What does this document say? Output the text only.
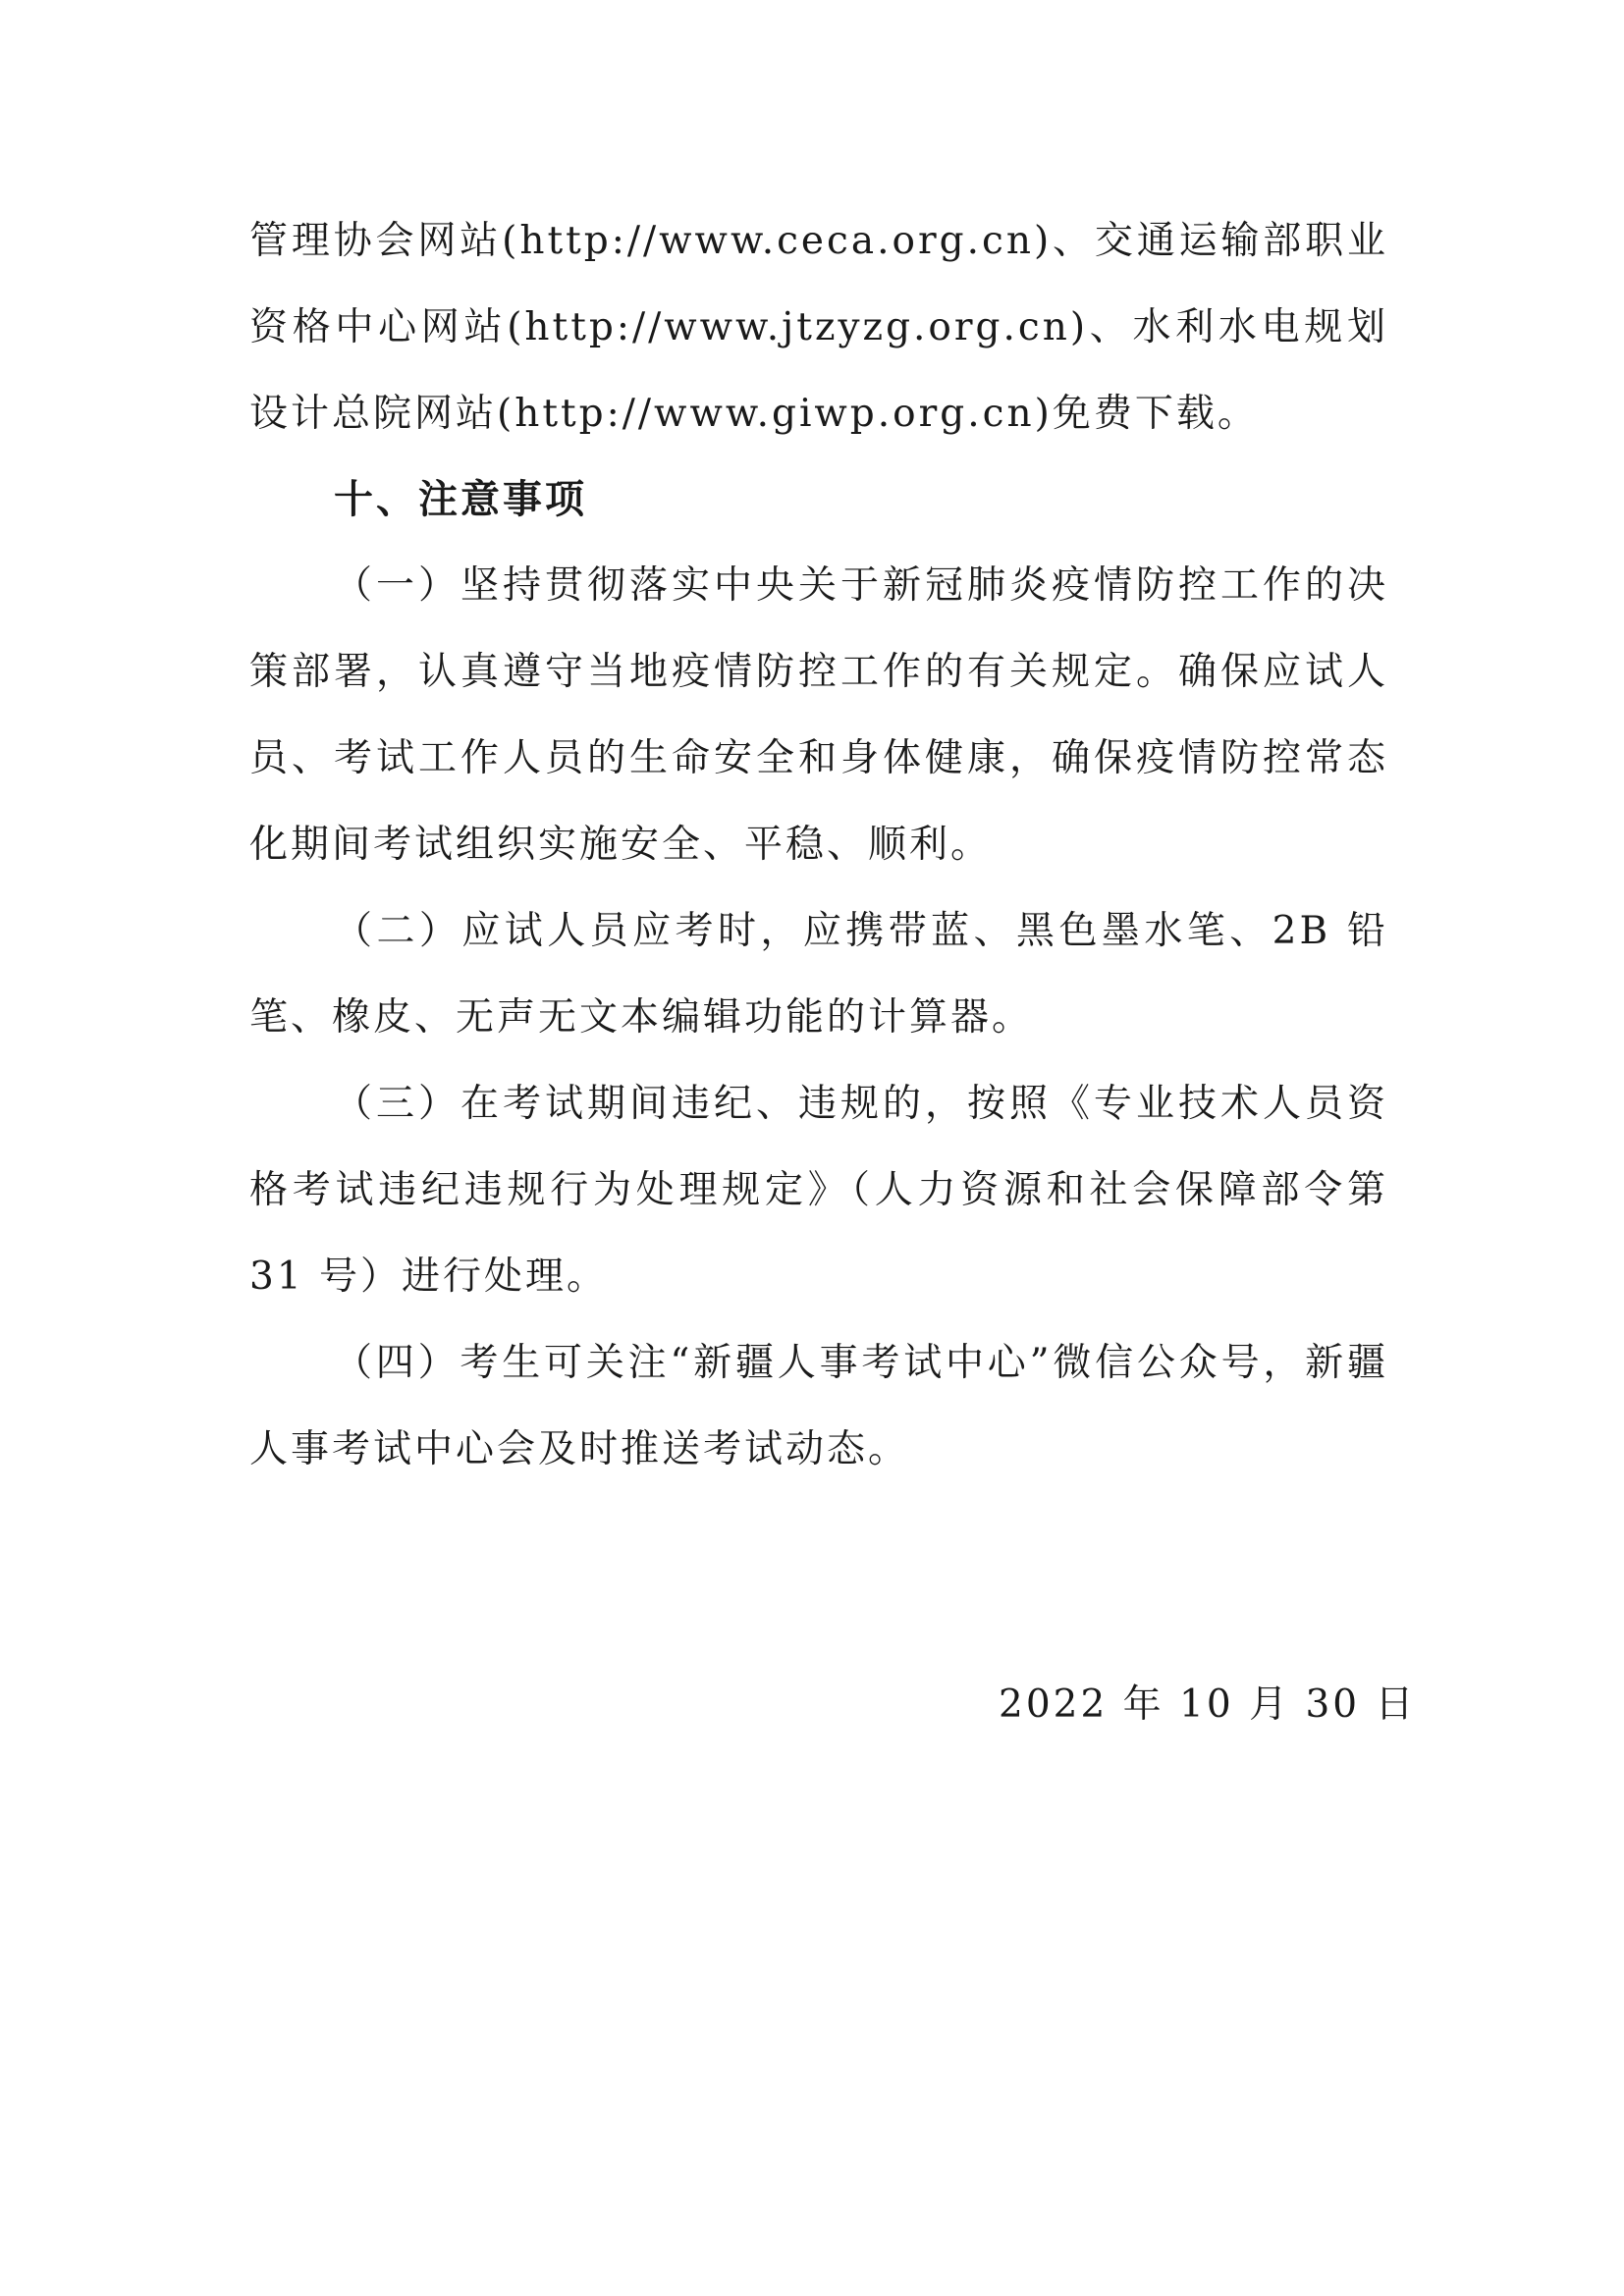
管理协会网站(http://www.ceca.org.cn)、交通运输部职业资格中心网站(http://www.jtzyzg.org.cn)、水利水电规划设计总院网站(http://www.giwp.org.cn)免费下载。

十、注意事项

（一）坚持贯彻落实中央关于新冠肺炎疫情防控工作的决策部署，认真遵守当地疫情防控工作的有关规定。确保应试人员、考试工作人员的生命安全和身体健康，确保疫情防控常态化期间考试组织实施安全、平稳、顺利。

（二）应试人员应考时，应携带蓝、黑色墨水笔、2B 铅笔、橡皮、无声无文本编辑功能的计算器。

（三）在考试期间违纪、违规的，按照《专业技术人员资格考试违纪违规行为处理规定》（人力资源和社会保障部令第 31 号）进行处理。

（四）考生可关注“新疆人事考试中心”微信公众号，新疆人事考试中心会及时推送考试动态。

2022 年 10 月 30 日
